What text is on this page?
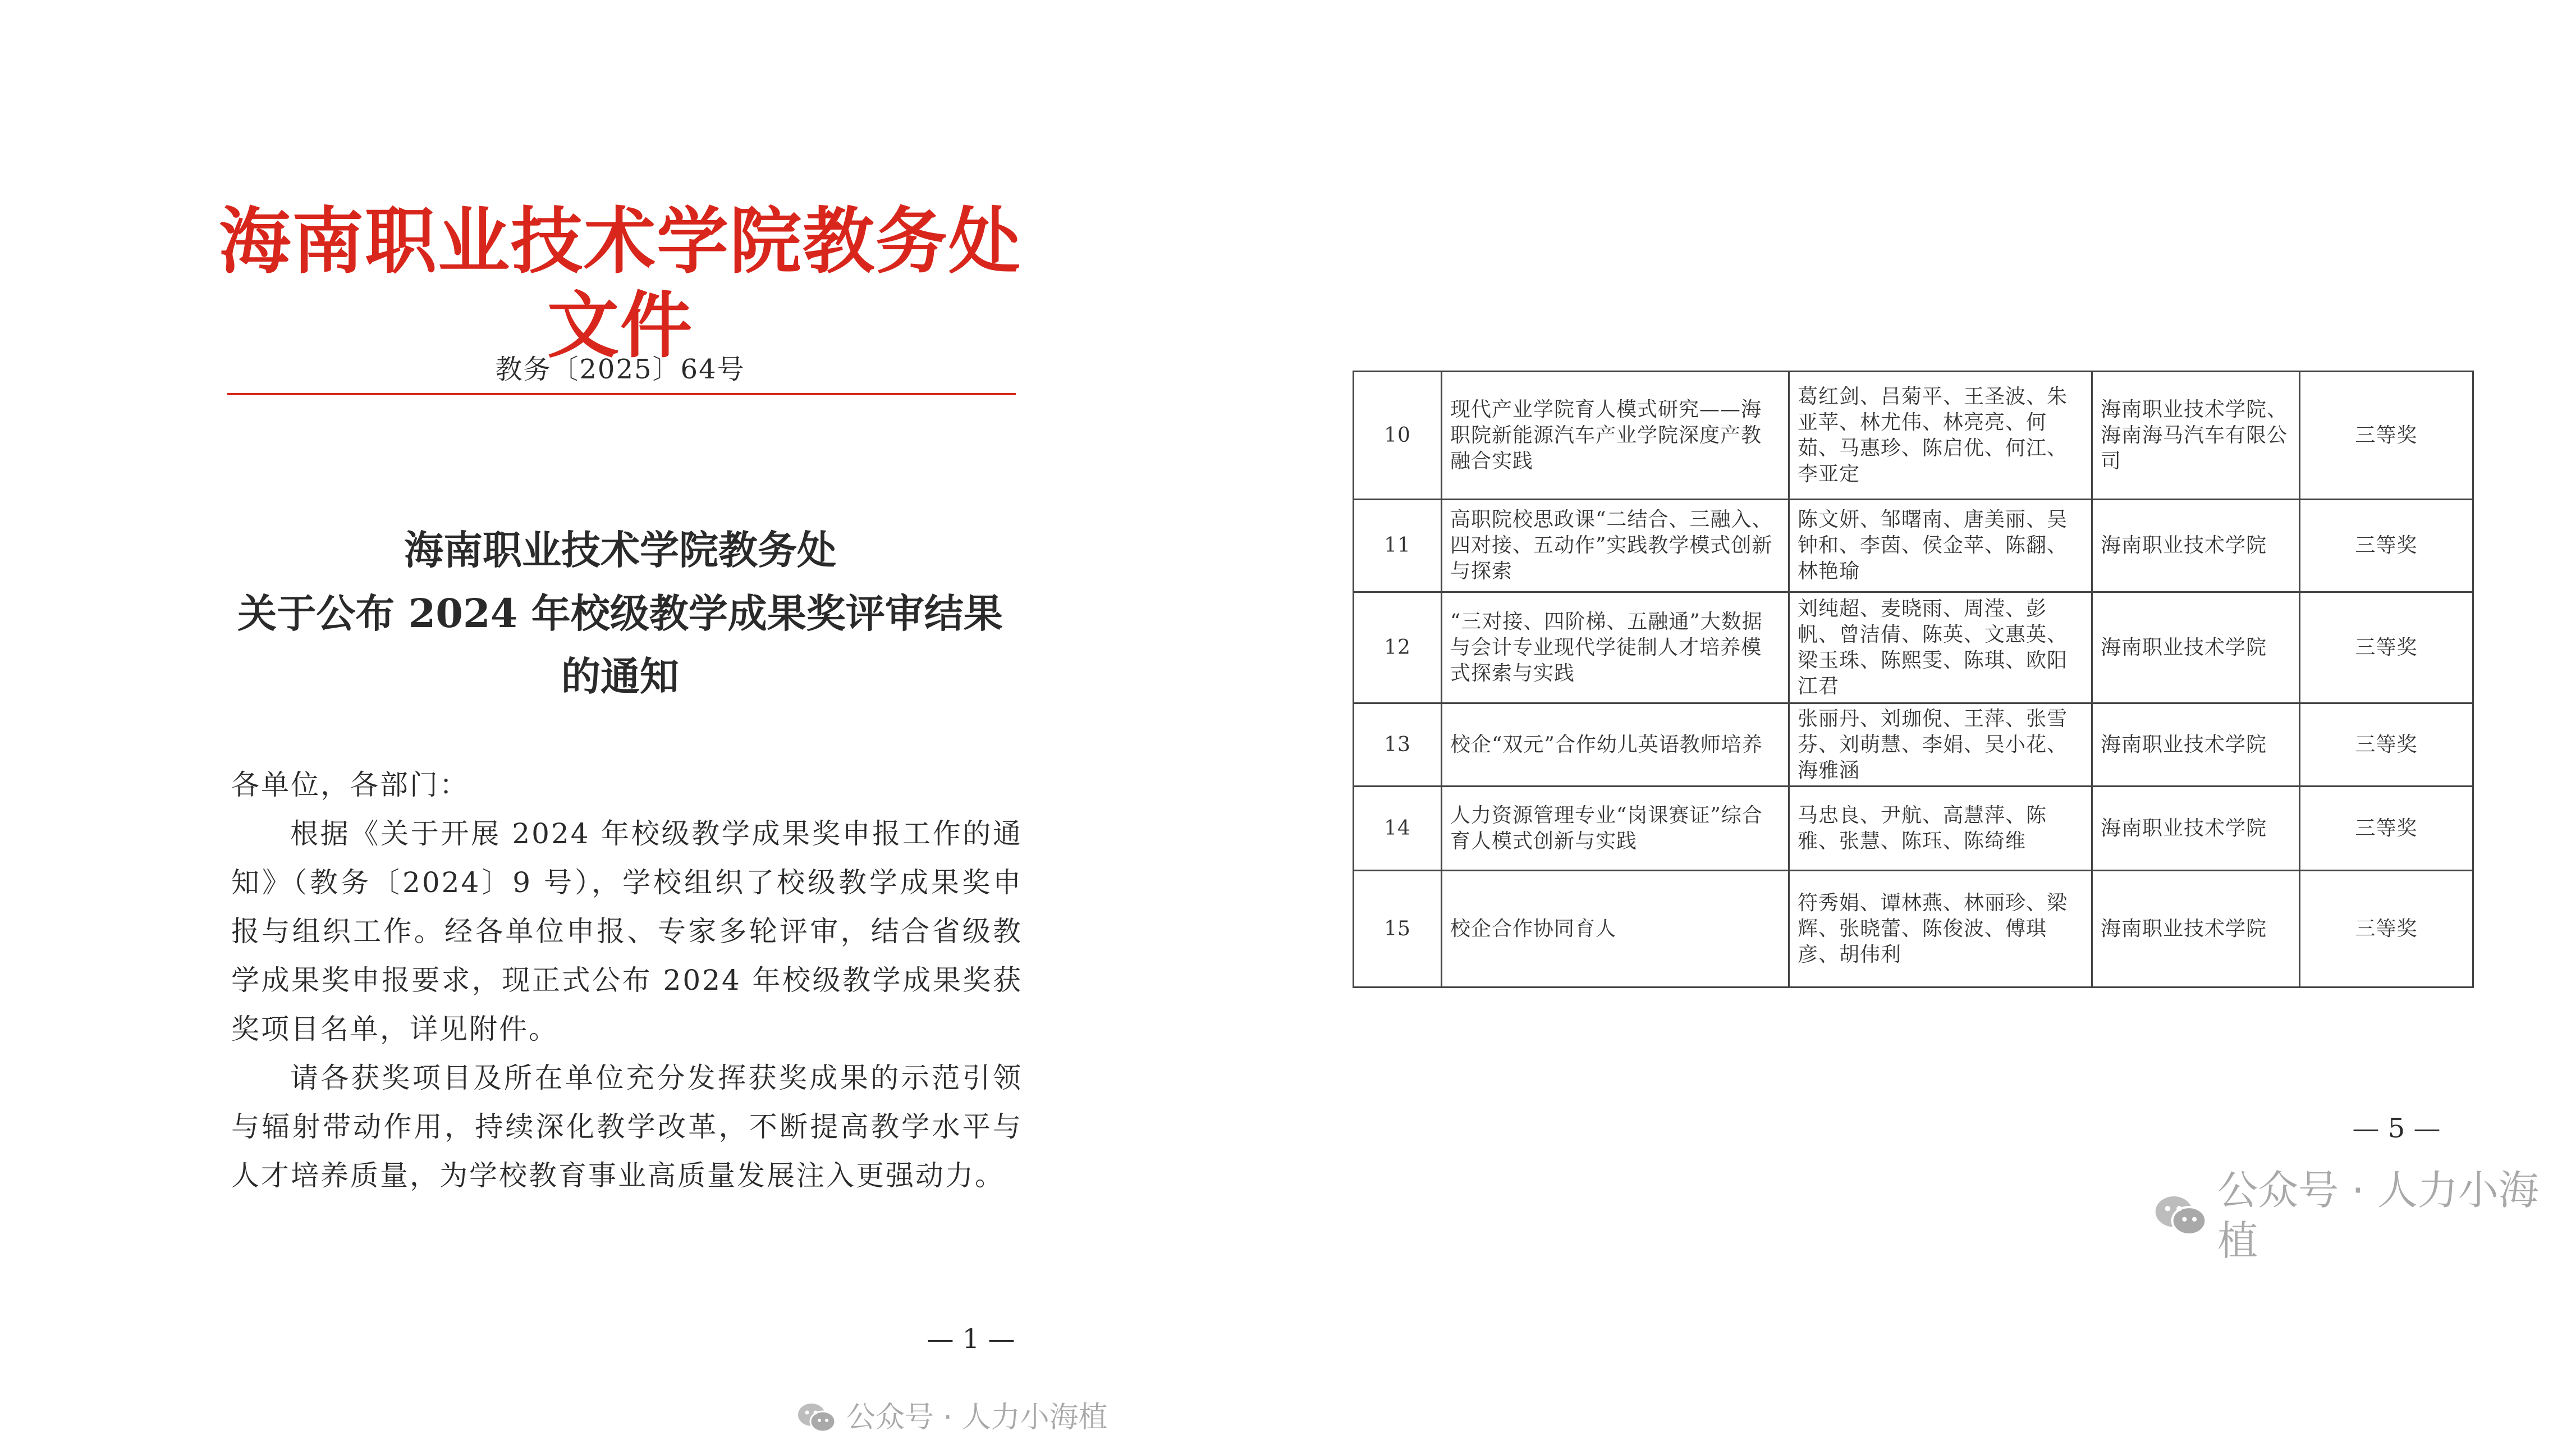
海南职业技术学院教务处文件
教务〔2025〕64号
海南职业技术学院教务处
关于公布 2024 年校级教学成果奖评审结果
的通知
各单位，各部门：
根据《关于开展 2024 年校级教学成果奖申报工作的通知》（教务〔2024〕9 号），学校组织了校级教学成果奖申报与组织工作。经各单位申报、专家多轮评审，结合省级教学成果奖申报要求，现正式公布 2024 年校级教学成果奖获奖项目名单，详见附件。
请各获奖项目及所在单位充分发挥获奖成果的示范引领与辐射带动作用，持续深化教学改革，不断提高教学水平与人才培养质量，为学校教育事业高质量发展注入更强动力。
— 1 —
公众号 · 人力小海植
10	现代产业学院育人模式研究——海职院新能源汽车产业学院深度产教融合实践	葛红剑、吕菊平、王圣波、朱亚苹、林尤伟、林亮亮、何茹、马惠珍、陈启优、何江、李亚定	海南职业技术学院、海南海马汽车有限公司	三等奖
11	高职院校思政课“二结合、三融入、四对接、五动作”实践教学模式创新与探索	陈文妍、邹曙南、唐美丽、吴钟和、李茵、侯金苹、陈翻、林艳瑜	海南职业技术学院	三等奖
12	“三对接、四阶梯、五融通”大数据与会计专业现代学徒制人才培养模式探索与实践	刘纯超、麦晓雨、周滢、彭帆、曾洁倩、陈英、文惠英、梁玉珠、陈熙雯、陈琪、欧阳江君	海南职业技术学院	三等奖
13	校企“双元”合作幼儿英语教师培养	张丽丹、刘珈倪、王萍、张雪芬、刘萌慧、李娟、吴小花、海雅涵	海南职业技术学院	三等奖
14	人力资源管理专业“岗课赛证”综合育人模式创新与实践	马忠良、尹航、高慧萍、陈雅、张慧、陈珏、陈绮维	海南职业技术学院	三等奖
15	校企合作协同育人	符秀娟、谭林燕、林丽珍、梁辉、张晓蕾、陈俊波、傅琪彦、胡伟利	海南职业技术学院	三等奖
— 5 —
公众号 · 人力小海植
